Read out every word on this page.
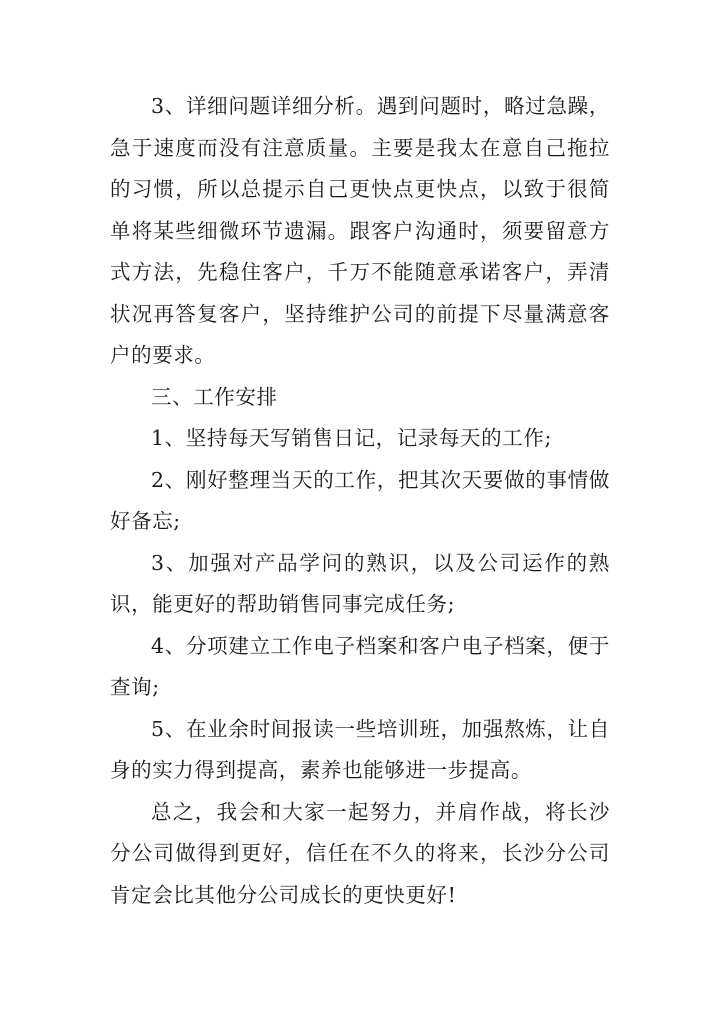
3、详细问题详细分析。遇到问题时，略过急躁，急于速度而没有注意质量。主要是我太在意自己拖拉的习惯，所以总提示自己更快点更快点，以致于很简单将某些细微环节遗漏。跟客户沟通时，须要留意方式方法，先稳住客户，千万不能随意承诺客户，弄清状况再答复客户，坚持维护公司的前提下尽量满意客户的要求。

三、工作安排

1、坚持每天写销售日记，记录每天的工作;

2、刚好整理当天的工作，把其次天要做的事情做好备忘;

3、加强对产品学问的熟识，以及公司运作的熟识，能更好的帮助销售同事完成任务;

4、分项建立工作电子档案和客户电子档案，便于查询;

5、在业余时间报读一些培训班，加强熬炼，让自身的实力得到提高，素养也能够进一步提高。

总之，我会和大家一起努力，并肩作战，将长沙分公司做得到更好，信任在不久的将来，长沙分公司肯定会比其他分公司成长的更快更好!
